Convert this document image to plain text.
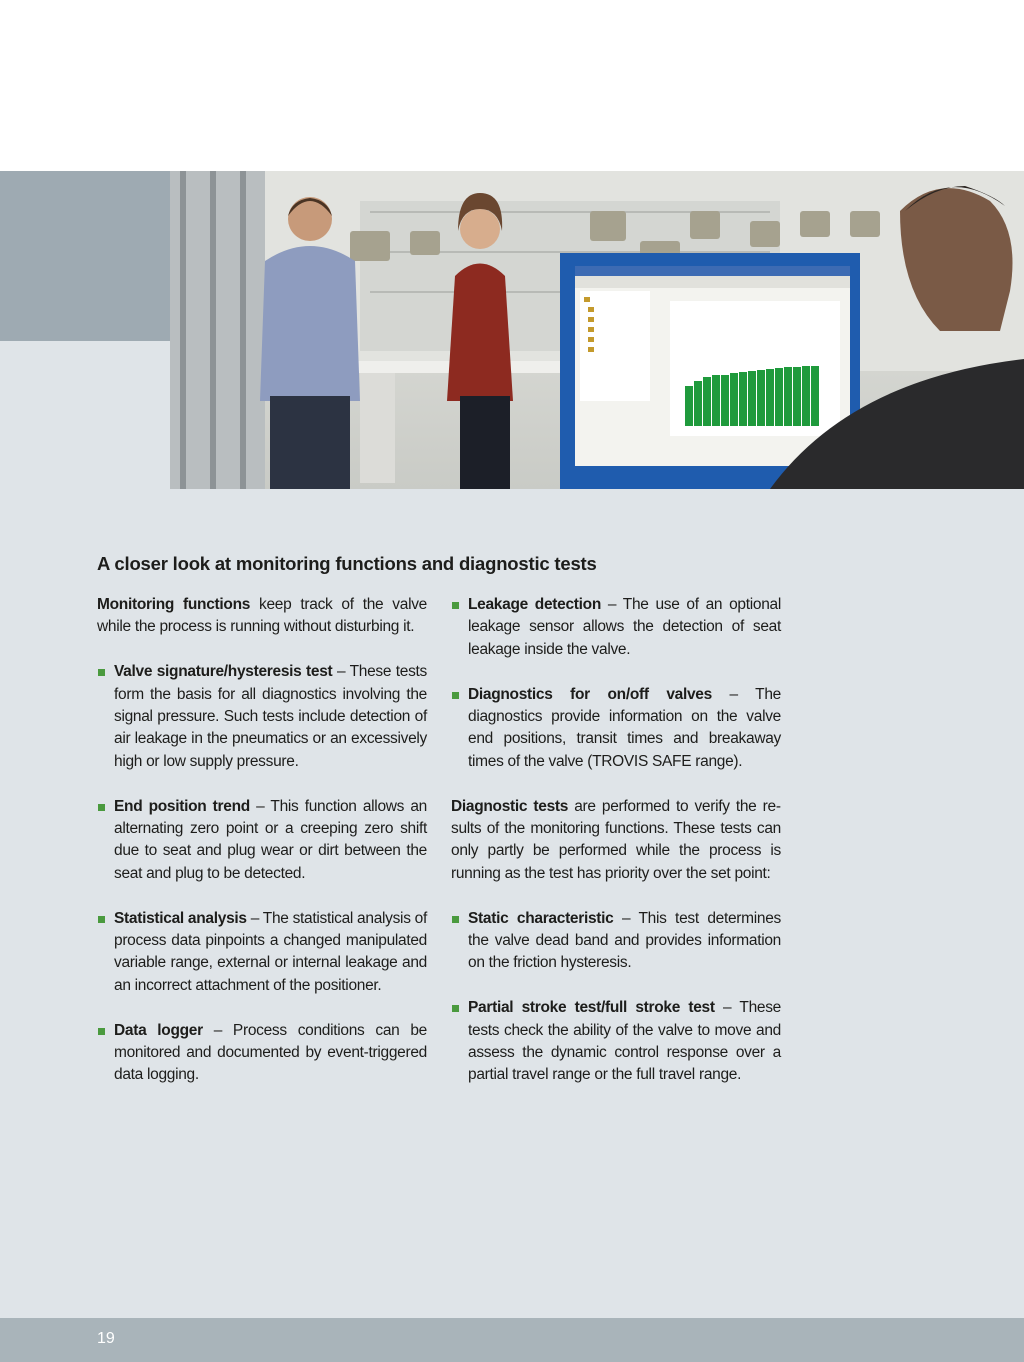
A closer look at monitoring functions and diagnostic tests

Monitoring functions keep track of the valve while the process is running without disturbing it.

Valve signature/hysteresis test – These tests form the basis for all diagnostics involving the signal pressure. Such tests include detection of air leakage in the pneumatics or an excessively high or low supply pressure.
End position trend – This function allows an alternating zero point or a creeping zero shift due to seat and plug wear or dirt between the seat and plug to be detected.
Statistical analysis – The statistical analysis of process data pinpoints a changed manipulated variable range, external or internal leakage and an incorrect attachment of the positioner.
Data logger – Process conditions can be monitored and documented by event-triggered data logging.
Leakage detection – The use of an optional leakage sensor allows the detection of seat leakage inside the valve.
Diagnostics for on/off valves – The diagnostics provide information on the valve end positions, transit times and breakaway times of the valve (TROVIS SAFE range).

Diagnostic tests are performed to verify the results of the monitoring functions. These tests can only partly be performed while the process is running as the test has priority over the set point:

Static characteristic – This test determines the valve dead band and provides information on the friction hysteresis.
Partial stroke test/full stroke test – These tests check the ability of the valve to move and assess the dynamic control response over a partial travel range or the full travel range.
19
